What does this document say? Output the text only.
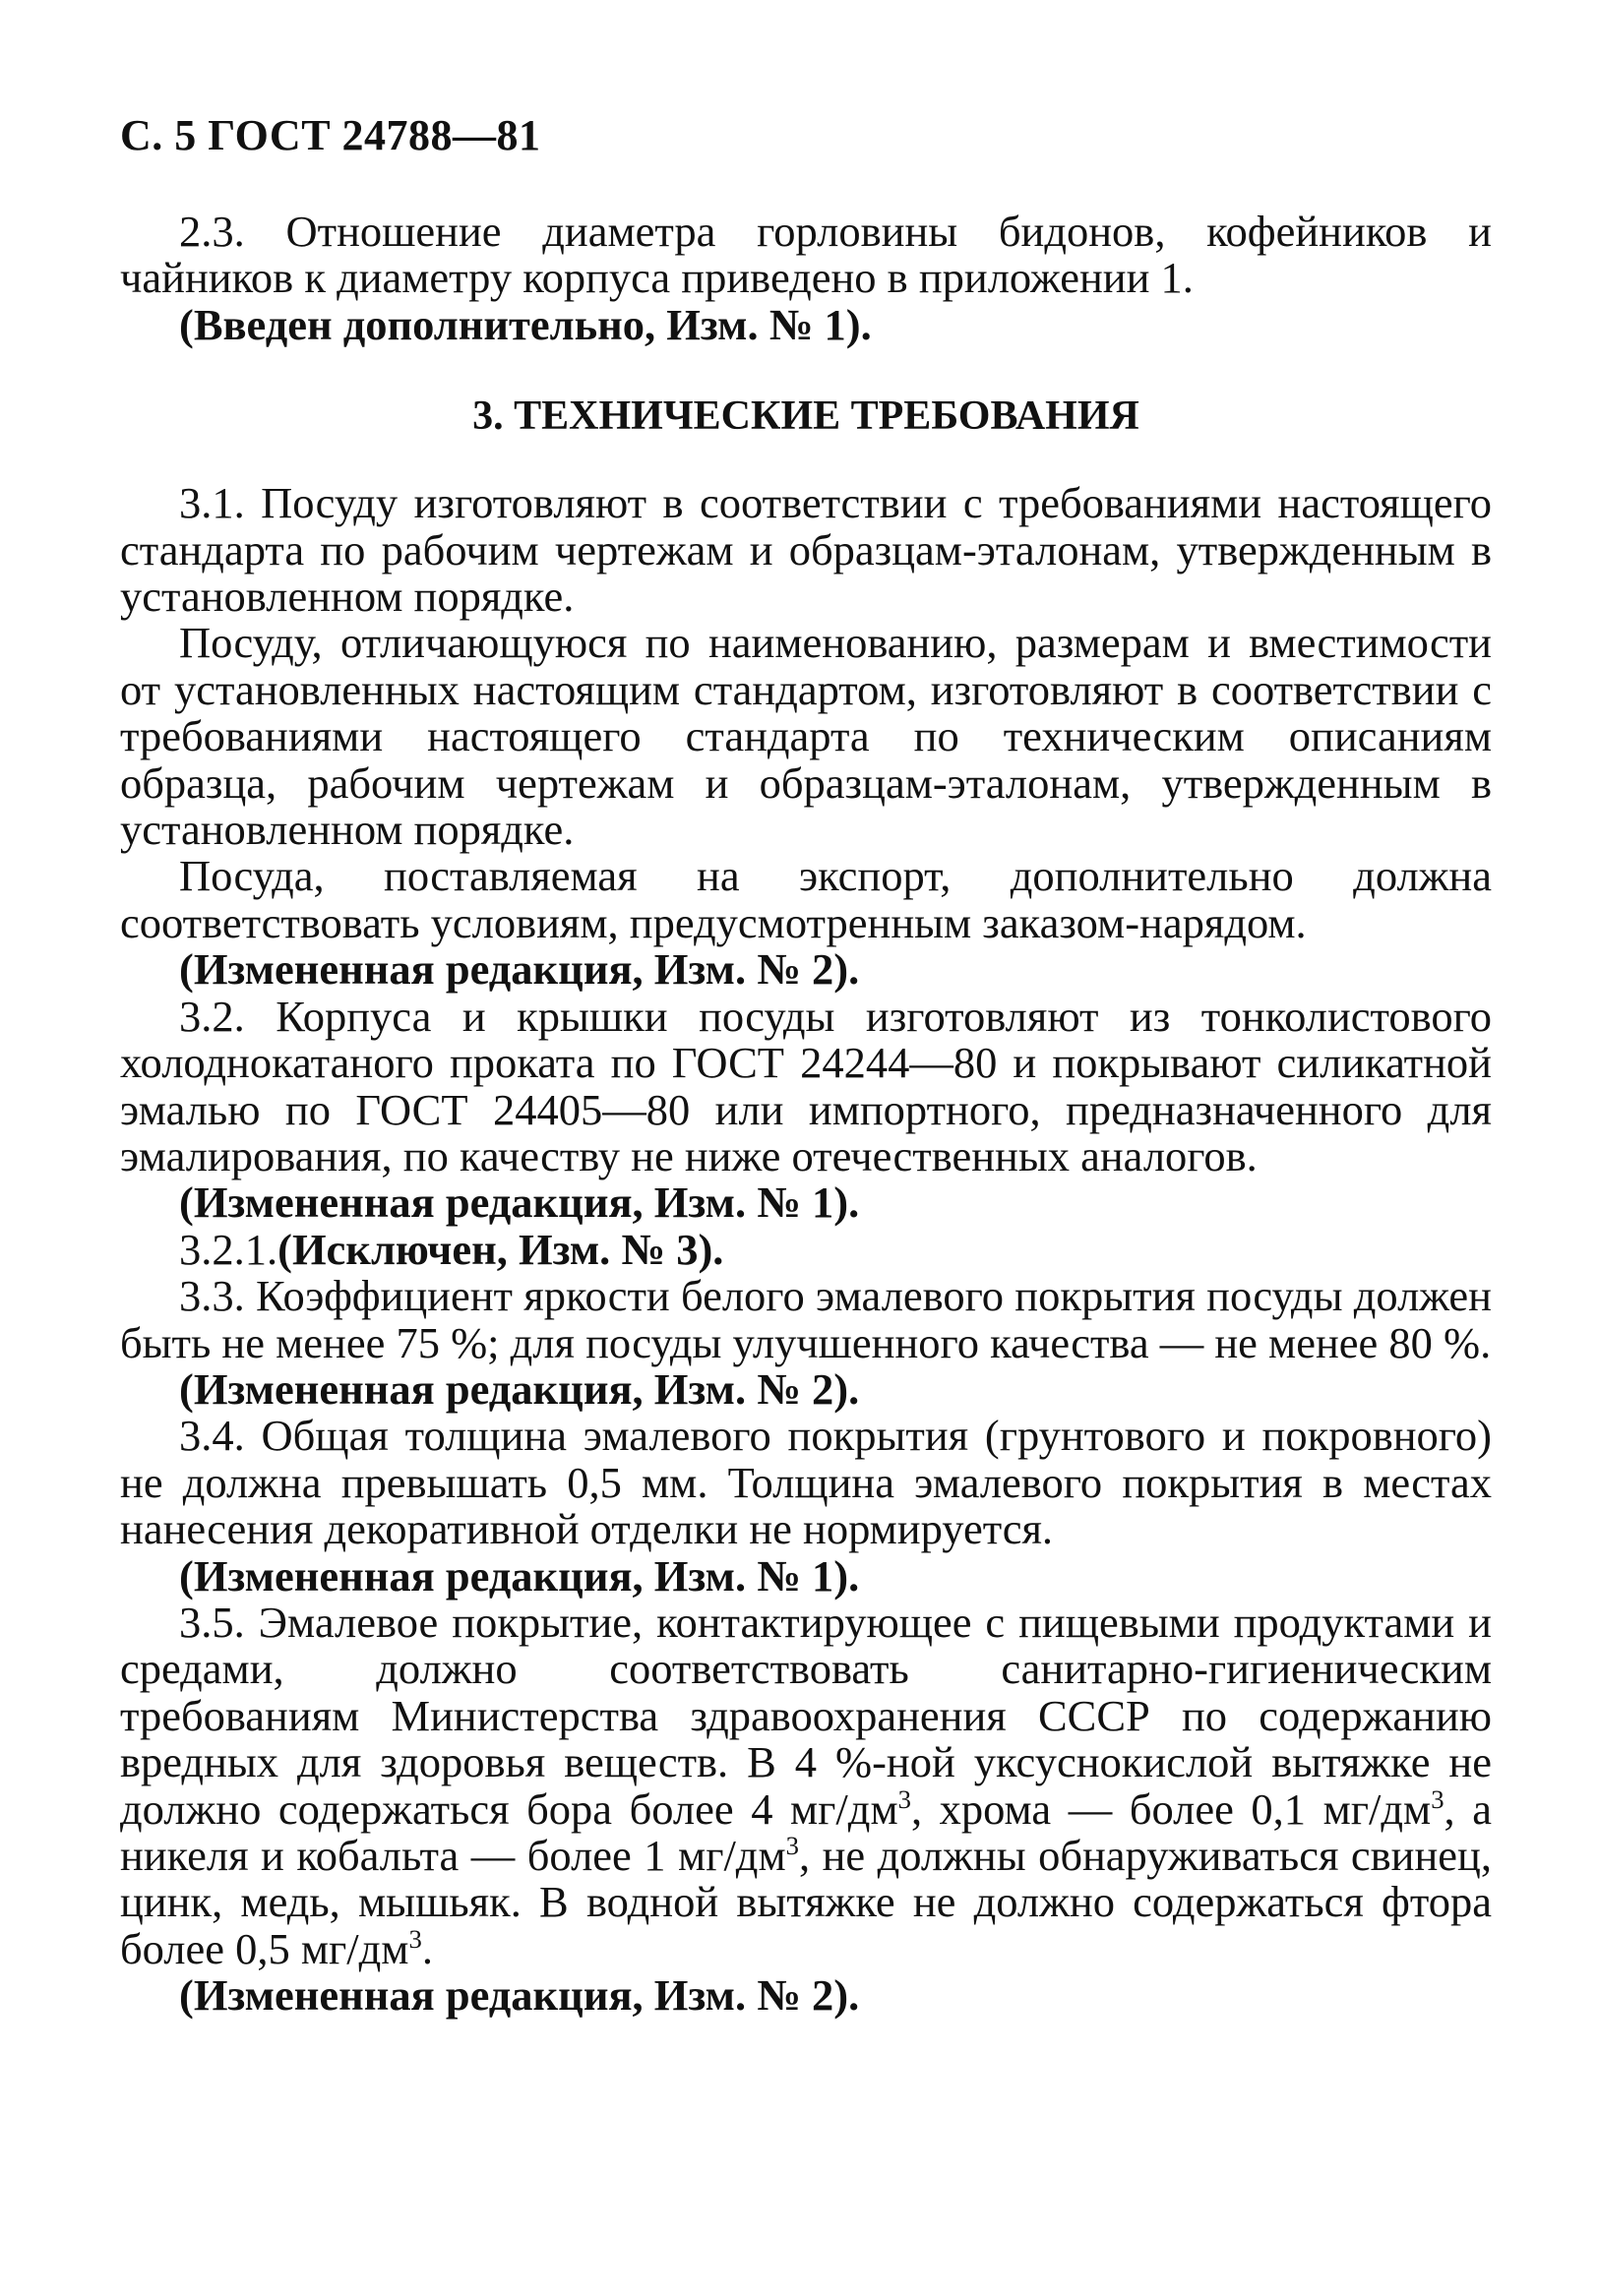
С. 5 ГОСТ 24788—81

2.3. Отношение диаметра горловины бидонов, кофейников и чайников к диаметру корпуса приведено в приложении 1.

(Введен дополнительно, Изм. № 1).

3. ТЕХНИЧЕСКИЕ ТРЕБОВАНИЯ

3.1. Посуду изготовляют в соответствии с требованиями настоящего стандарта по рабочим чертежам и образцам-эталонам, утвержденным в установленном порядке.

Посуду, отличающуюся по наименованию, размерам и вместимости от установленных настоящим стандартом, изготовляют в соответствии с требованиями настоящего стандарта по техническим описаниям образца, рабочим чертежам и образцам-эталонам, утвержденным в установленном порядке.

Посуда, поставляемая на экспорт, дополнительно должна соответствовать условиям, предусмотренным заказом-нарядом.

(Измененная редакция, Изм. № 2).

3.2. Корпуса и крышки посуды изготовляют из тонколистового холоднокатаного проката по ГОСТ 24244—80 и покрывают силикатной эмалью по ГОСТ 24405—80 или импортного, предназначенного для эмалирования, по качеству не ниже отечественных аналогов.

(Измененная редакция, Изм. № 1).

3.2.1.(Исключен, Изм. № 3).

3.3. Коэффициент яркости белого эмалевого покрытия посуды должен быть не менее 75 %; для посуды улучшенного качества — не менее 80 %.

(Измененная редакция, Изм. № 2).

3.4. Общая толщина эмалевого покрытия (грунтового и покровного) не должна превышать 0,5 мм. Толщина эмалевого покрытия в местах нанесения декоративной отделки не нормируется.

(Измененная редакция, Изм. № 1).

3.5. Эмалевое покрытие, контактирующее с пищевыми продуктами и средами, должно соответствовать санитарно-гигиеническим требованиям Министерства здравоохранения СССР по содержанию вредных для здоровья веществ. В 4 %-ной уксуснокислой вытяжке не должно содержаться бора более 4 $мг/дм^3$, хрома — более 0,1 $мг/дм^3$, а никеля и кобальта — более 1 $мг/дм^3$, не должны обнаруживаться свинец, цинк, медь, мышьяк. В водной вытяжке не должно содержаться фтора более 0,5 $мг/дм^3$.

(Измененная редакция, Изм. № 2).
